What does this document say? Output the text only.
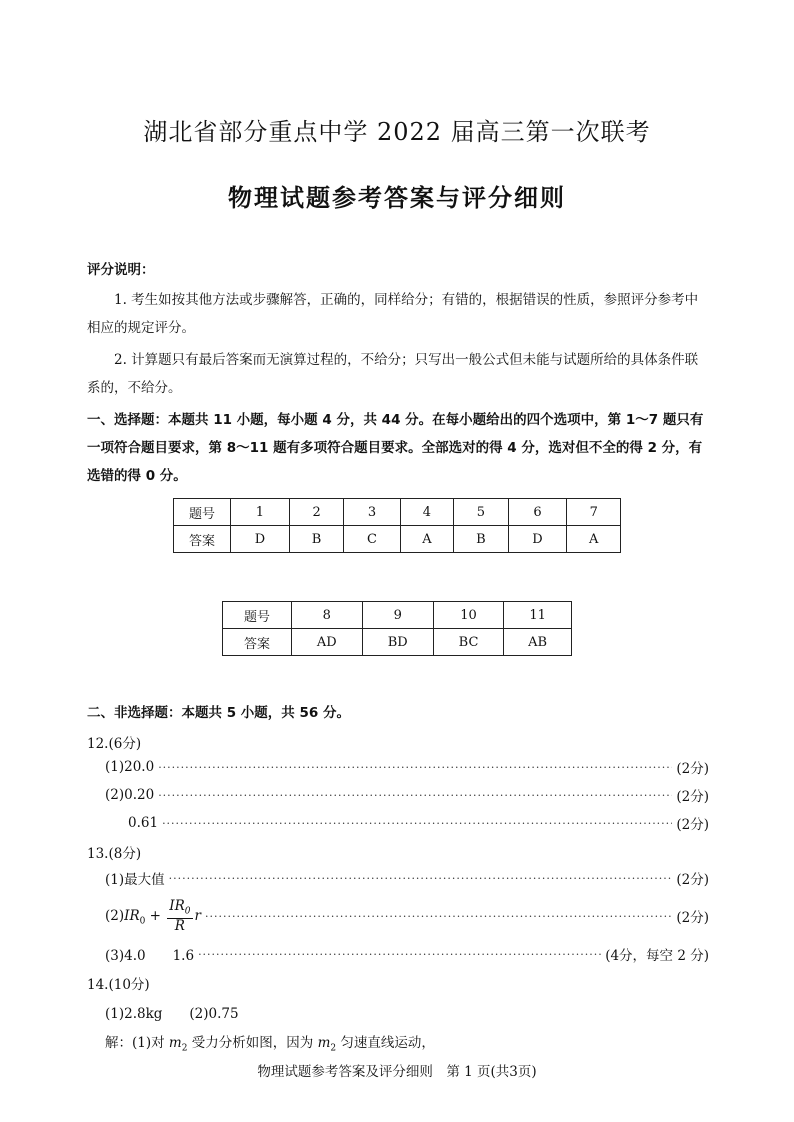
湖北省部分重点中学 2022 届高三第一次联考
物理试题参考答案与评分细则
评分说明：
1. 考生如按其他方法或步骤解答，正确的，同样给分；有错的，根据错误的性质，参照评分参考中相应的规定评分。
2. 计算题只有最后答案而无演算过程的，不给分；只写出一般公式但未能与试题所给的具体条件联系的，不给分。
一、选择题：本题共 11 小题，每小题 4 分，共 44 分。在每小题给出的四个选项中，第 1～7 题只有一项符合题目要求，第 8～11 题有多项符合题目要求。全部选对的得 4 分，选对但不全的得 2 分，有选错的得 0 分。
题号	1	2	3	4	5	6	7
答案	D	B	C	A	B	D	A
题号	8	9	10	11
答案	AD	BD	BC	AB
二、非选择题：本题共 5 小题，共 56 分。
12.(6分)
(1)20.0 ·····	(2分)
(2)0.20 ·····	(2分)
0.61 ·····	(2分)
13.(8分)
(1)最大值 ·····	(2分)
$(2)IR_0 + \frac{IR_0}{R}$ r ·····	(2分)
(3)4.0　　1.6 ·····	(4分，每空 2 分)
14.(10分)
(1)2.8kg　　(2)0.75
解：(1)对 $m_2$ 受力分析如图，因为 $m_2$ 匀速直线运动，
物理试题参考答案及评分细则　第 1 页(共3页)
